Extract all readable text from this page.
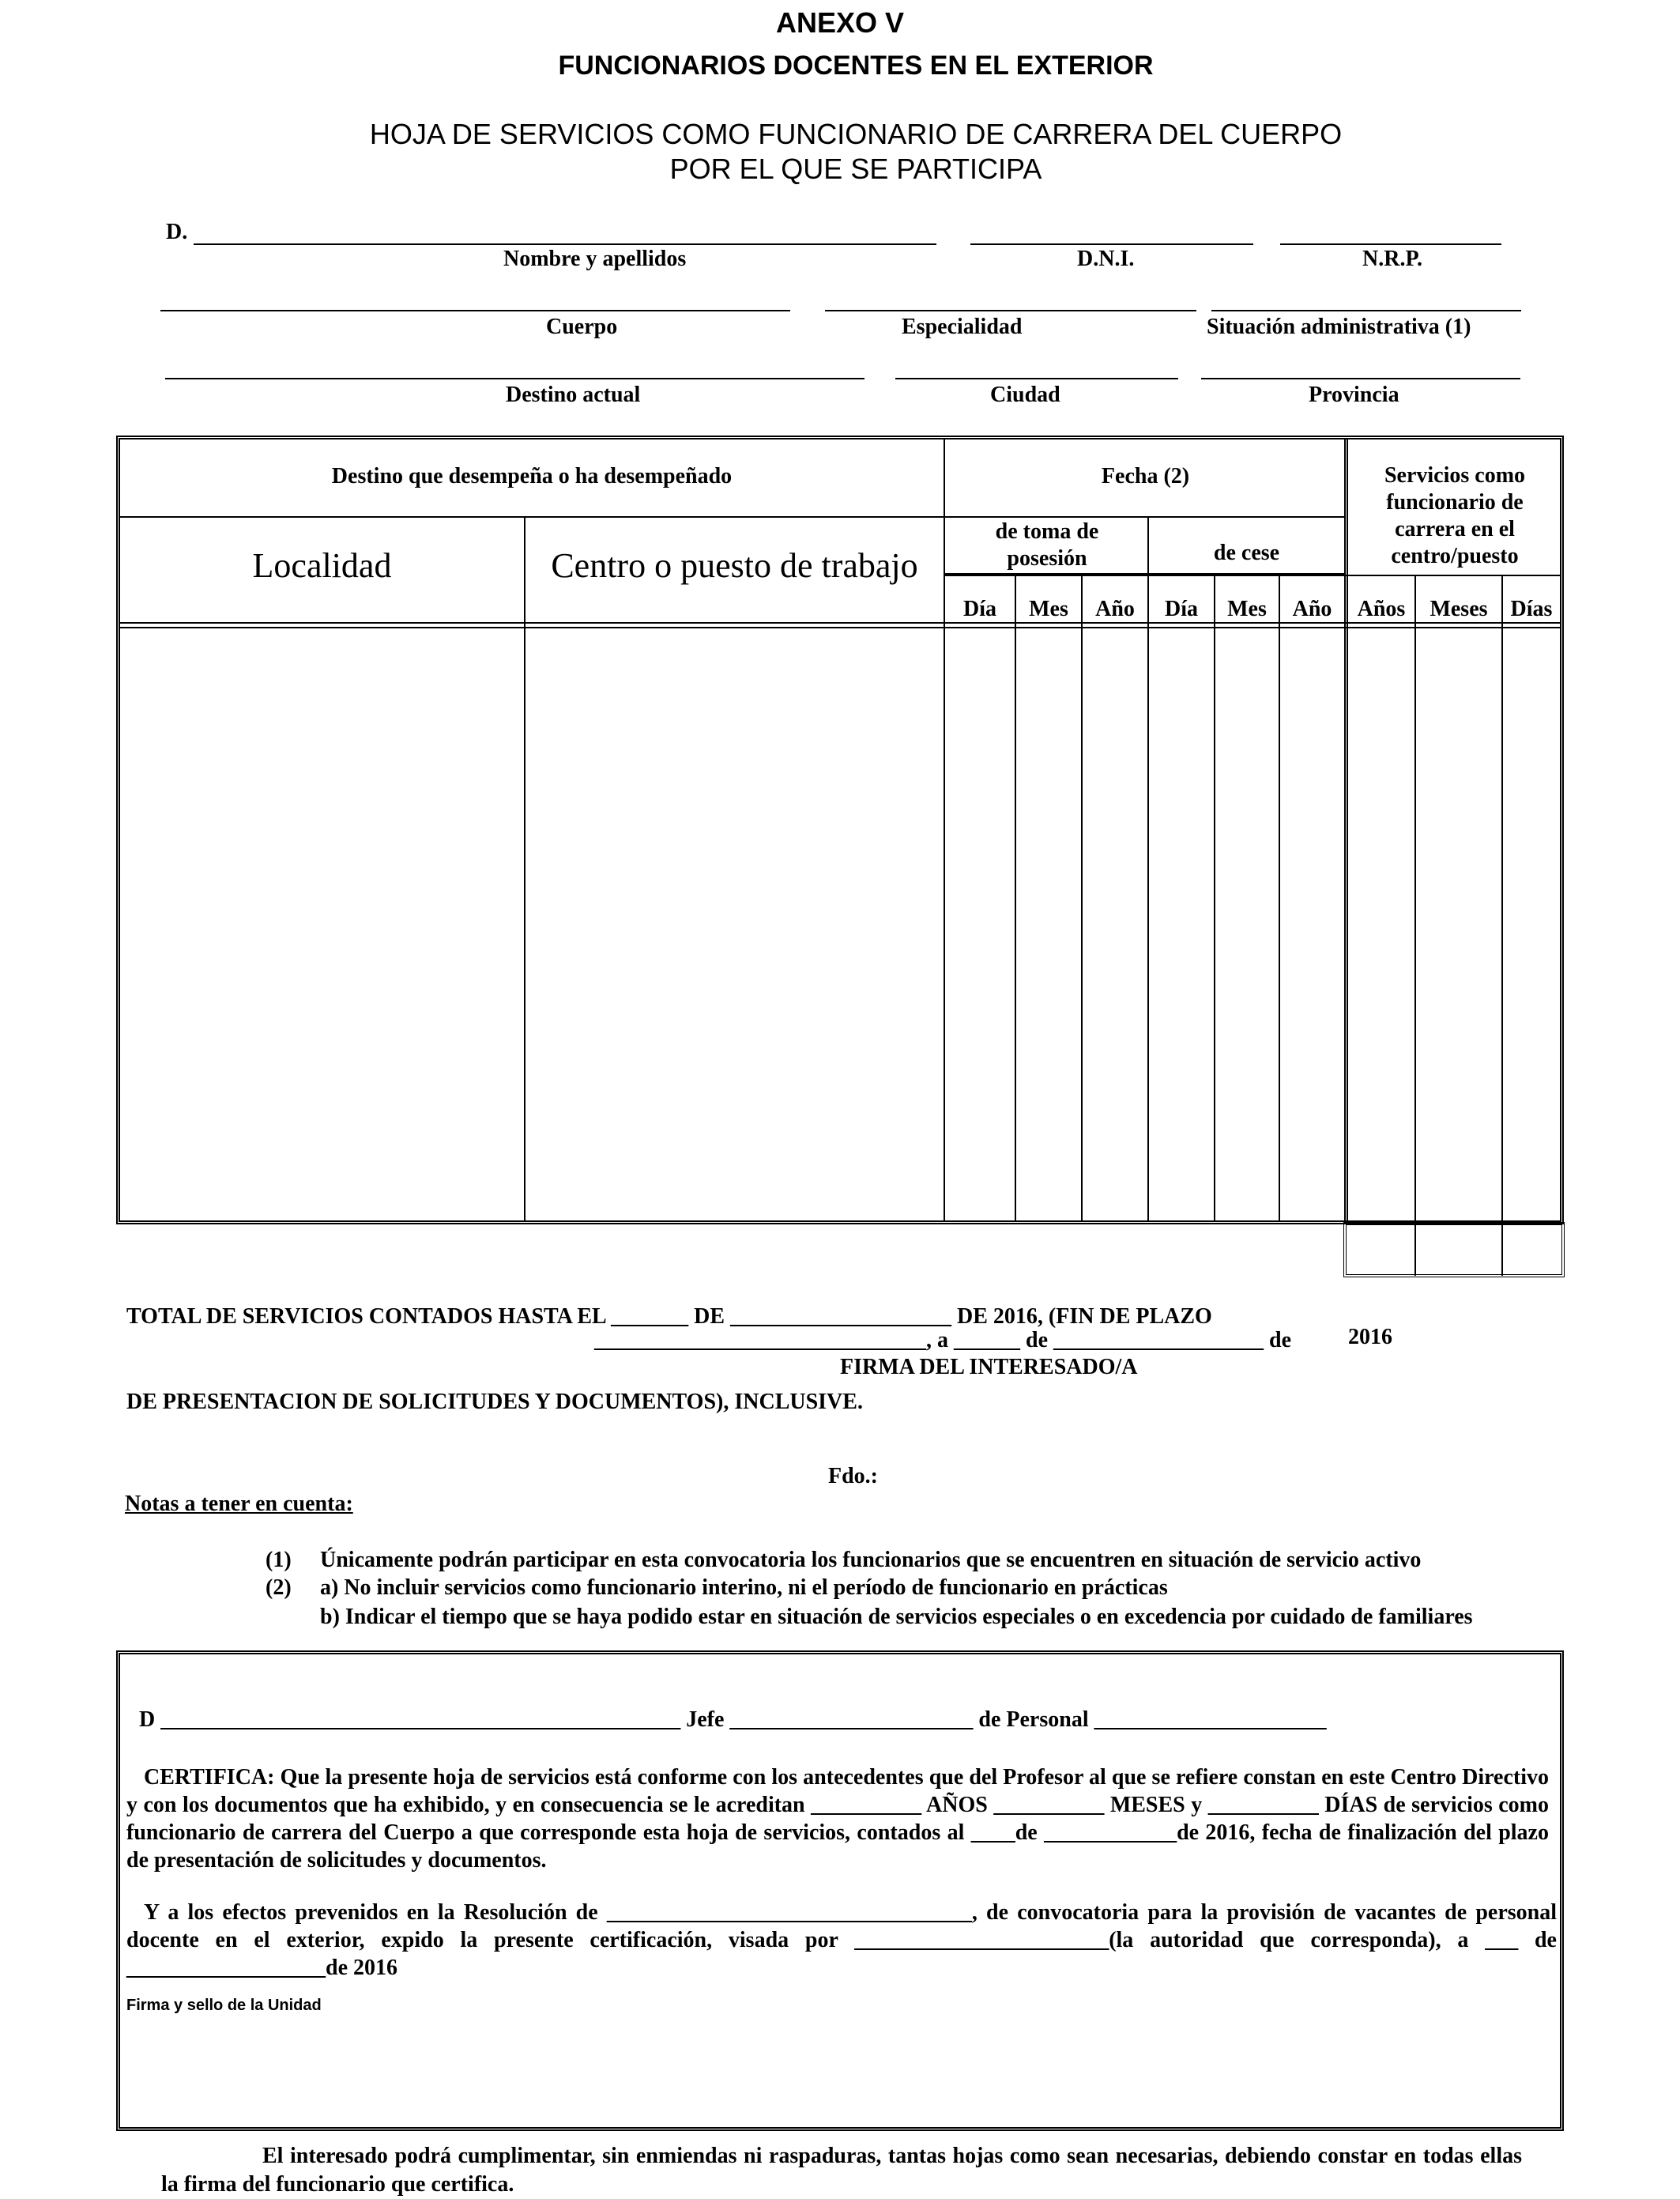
ANEXO V
FUNCIONARIOS DOCENTES EN EL EXTERIOR
HOJA DE SERVICIOS COMO FUNCIONARIO DE CARRERA DEL CUERPO
POR EL QUE SE PARTICIPA
D.
Nombre y apellidos	D.N.I.	N.R.P.
Cuerpo	Especialidad	Situación administrativa (1)
Destino actual	Ciudad	Provincia
Destino que desempeña o ha desempeñado	Fecha (2)	Servicios como funcionario de carrera en el centro/puesto
Localidad	Centro o puesto de trabajo
de toma de posesión	de cese
Día	Mes	Año	Día	Mes	Año	Años	Meses	Días

TOTAL DE SERVICIOS CONTADOS HASTA EL _______ DE ____________________ DE 2016, (FIN DE PLAZO

DE PRESENTACION DE SOLICITUDES Y DOCUMENTOS), INCLUSIVE.

______________________________, a ______ de ___________________ de	2016
FIRMA DEL INTERESADO/A
Fdo.:
Notas a tener en cuenta:
(1) Únicamente podrán participar en esta convocatoria los funcionarios que se encuentren en situación de servicio activo
(2) a) No incluir servicios como funcionario interino, ni el período de funcionario en prácticas
b) Indicar el tiempo que se haya podido estar en situación de servicios especiales o en excedencia por cuidado de familiares
D _______________________________________________ Jefe ______________________ de Personal _____________________
CERTIFICA: Que la presente hoja de servicios está conforme con los antecedentes que del Profesor al que se refiere constan en este Centro Directivo y con los documentos que ha exhibido, y en consecuencia se le acreditan __________ AÑOS __________ MESES y __________ DÍAS de servicios como funcionario de carrera del Cuerpo a que corresponde esta hoja de servicios, contados al ____de ____________de 2016, fecha de finalización del plazo de presentación de solicitudes y documentos.
Y a los efectos prevenidos en la Resolución de _________________________________, de convocatoria para la provisión de vacantes de personal docente en el exterior, expido la presente certificación, visada por _______________________(la autoridad que corresponda), a ___ de __________________de 2016
Firma y sello de la Unidad
El interesado podrá cumplimentar, sin enmiendas ni raspaduras, tantas hojas como sean necesarias, debiendo constar en todas ellas la firma del funcionario que certifica.
